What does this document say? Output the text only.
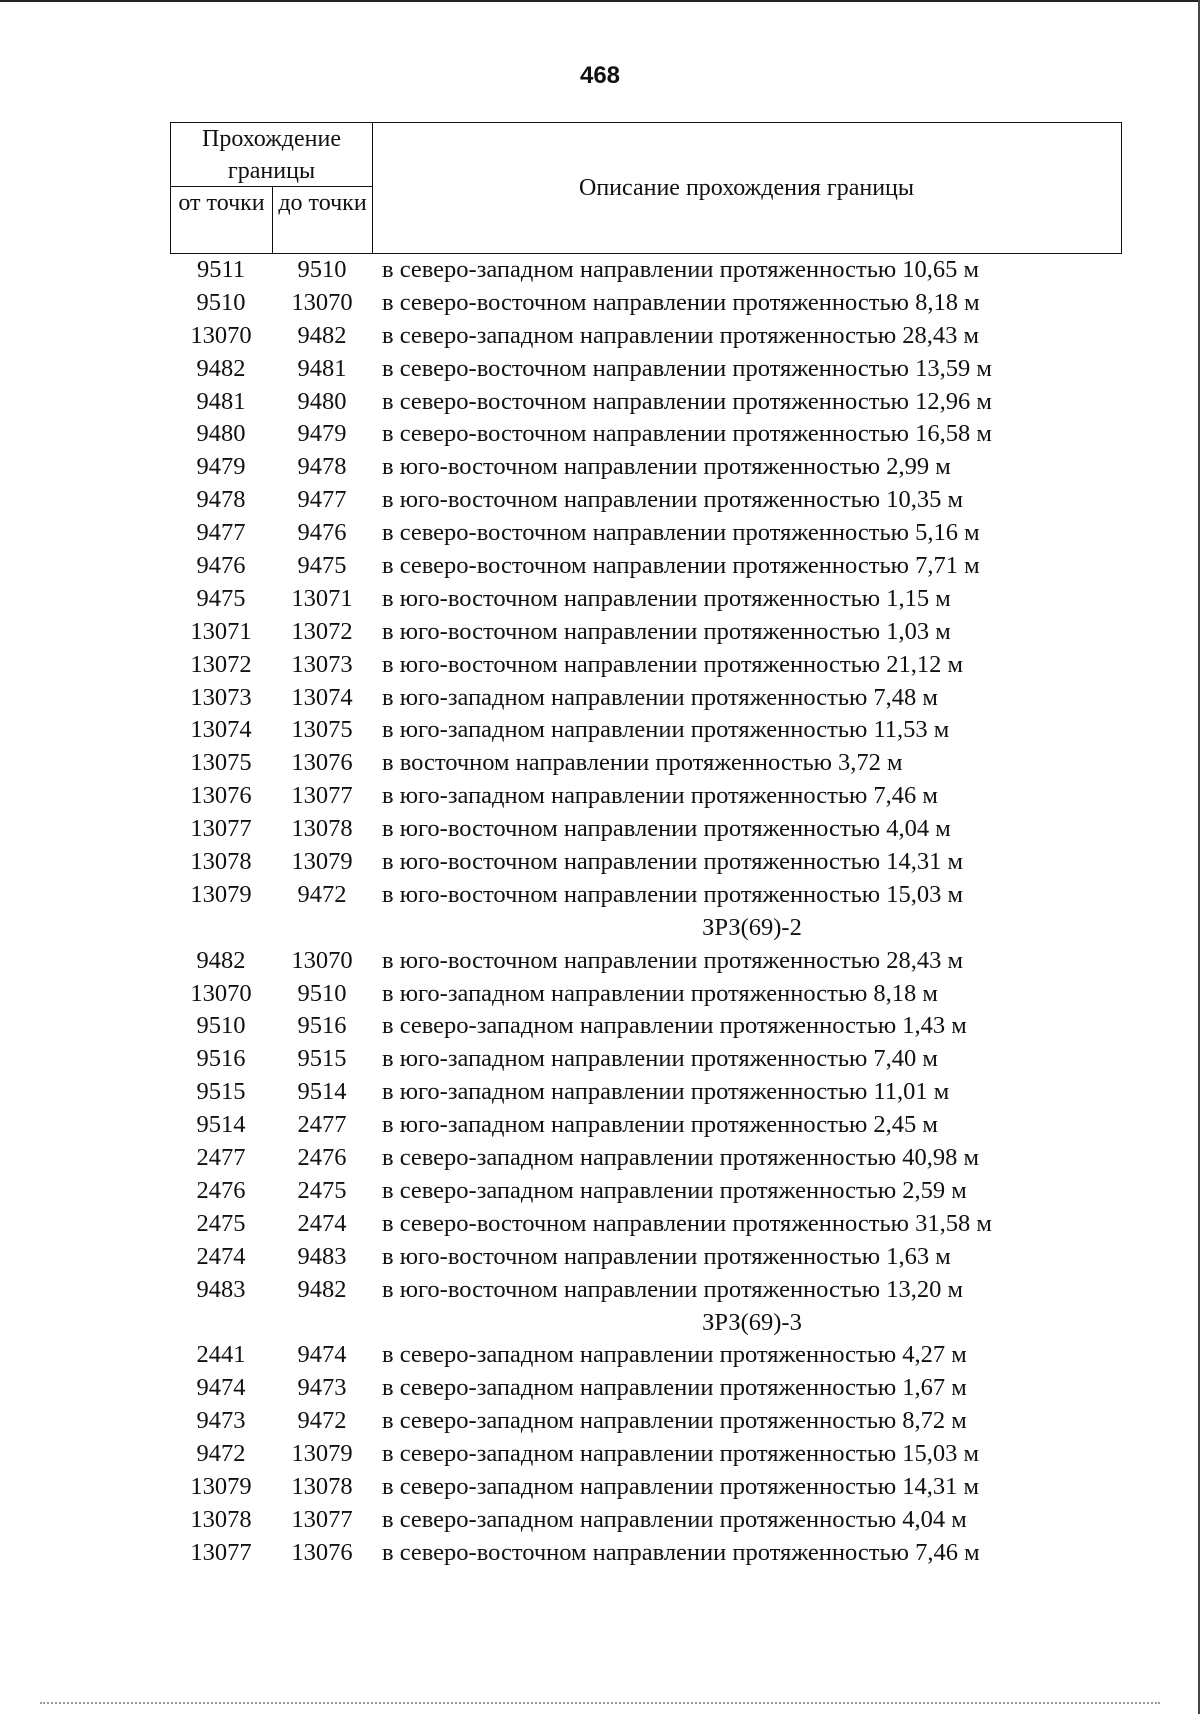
468
Прохождение границы
от точки до точки
Описание прохождения границы
9511	9510	в северо-западном направлении протяженностью 10,65 м
9510	13070	в северо-восточном направлении протяженностью 8,18 м
13070	9482	в северо-западном направлении протяженностью 28,43 м
9482	9481	в северо-восточном направлении протяженностью 13,59 м
9481	9480	в северо-восточном направлении протяженностью 12,96 м
9480	9479	в северо-восточном направлении протяженностью 16,58 м
9479	9478	в юго-восточном направлении протяженностью 2,99 м
9478	9477	в юго-восточном направлении протяженностью 10,35 м
9477	9476	в северо-восточном направлении протяженностью 5,16 м
9476	9475	в северо-восточном направлении протяженностью 7,71 м
9475	13071	в юго-восточном направлении протяженностью 1,15 м
13071	13072	в юго-восточном направлении протяженностью 1,03 м
13072	13073	в юго-восточном направлении протяженностью 21,12 м
13073	13074	в юго-западном направлении протяженностью 7,48 м
13074	13075	в юго-западном направлении протяженностью 11,53 м
13075	13076	в восточном направлении протяженностью 3,72 м
13076	13077	в юго-западном направлении протяженностью 7,46 м
13077	13078	в юго-восточном направлении протяженностью 4,04 м
13078	13079	в юго-восточном направлении протяженностью 14,31 м
13079	9472	в юго-восточном направлении протяженностью 15,03 м
ЗРЗ(69)-2
9482	13070	в юго-восточном направлении протяженностью 28,43 м
13070	9510	в юго-западном направлении протяженностью 8,18 м
9510	9516	в северо-западном направлении протяженностью 1,43 м
9516	9515	в юго-западном направлении протяженностью 7,40 м
9515	9514	в юго-западном направлении протяженностью 11,01 м
9514	2477	в юго-западном направлении протяженностью 2,45 м
2477	2476	в северо-западном направлении протяженностью 40,98 м
2476	2475	в северо-западном направлении протяженностью 2,59 м
2475	2474	в северо-восточном направлении протяженностью 31,58 м
2474	9483	в юго-восточном направлении протяженностью 1,63 м
9483	9482	в юго-восточном направлении протяженностью 13,20 м
ЗРЗ(69)-3
2441	9474	в северо-западном направлении протяженностью 4,27 м
9474	9473	в северо-западном направлении протяженностью 1,67 м
9473	9472	в северо-западном направлении протяженностью 8,72 м
9472	13079	в северо-западном направлении протяженностью 15,03 м
13079	13078	в северо-западном направлении протяженностью 14,31 м
13078	13077	в северо-западном направлении протяженностью 4,04 м
13077	13076	в северо-восточном направлении протяженностью 7,46 м
